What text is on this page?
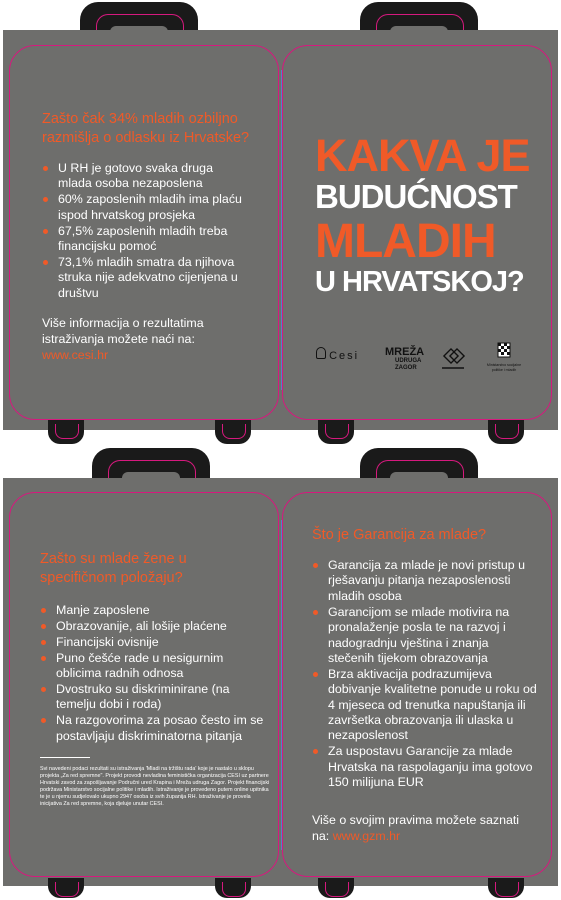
Zašto čak 34% mladih ozbiljno razmišlja o odlasku iz Hrvatske?
U RH je gotovo svaka druga mlada osoba nezaposlena
60% zaposlenih mladih ima plaću ispod hrvatskog prosjeka
67,5% zaposlenih mladih treba financijsku pomoć
73,1% mladih smatra da njihova struka nije adekvatno cijenjena u društvu
Više informacija o rezultatima istraživanja možete naći na:
www.cesi.hr
KAKVA JE
BUDUĆNOST
MLADIH
U HRVATSKOJ?
Cesi MREŽA
UDRUGA
ZAGOR	Ministarstvo socijalne politike i mladih
Zašto su mlade žene u specifičnom položaju?
Manje zaposlene
Obrazovanije, ali lošije plaćene
Financijski ovisnije
Puno češće rade u nesigurnim oblicima radnih odnosa
Dvostruko su diskriminirane (na temelju dobi i roda)
Na razgovorima za posao često im se postavljaju diskriminatorna pitanja
Svi navedeni podaci rezultati su istraživanja 'Mladi na tržištu rada' koje je nastalo u sklopu projekta „Za red spremne". Projekt provodi nevladina feministička organizacija CESI uz partnere Hrvatski zavod za zapošljavanje Područni ured Krapina i Mreža udruga Zagor. Projekt financijski podržava Ministarstvo socijalne politike i mladih. Istraživanje je provedeno putem online upitnika te je u njemu sudjelovalo ukupno 2947 osoba iz svih županija RH. Istraživanje je provela inicijativa Za red spremne, koja djeluje unutar CESI.
Što je Garancija za mlade?
Garancija za mlade je novi pristup u rješavanju pitanja nezaposlenosti mladih osoba
Garancijom se mlade motivira na pronalaženje posla te na razvoj i nadogradnju vještina i znanja stečenih tijekom obrazovanja
Brza aktivacija podrazumijeva dobivanje kvalitetne ponude u roku od 4 mjeseca od trenutka napuštanja ili završetka obrazovanja ili ulaska u nezaposlenost
Za uspostavu Garancije za mlade Hrvatska na raspolaganju ima gotovo 150 milijuna EUR
Više o svojim pravima možete saznati na: www.gzm.hr
